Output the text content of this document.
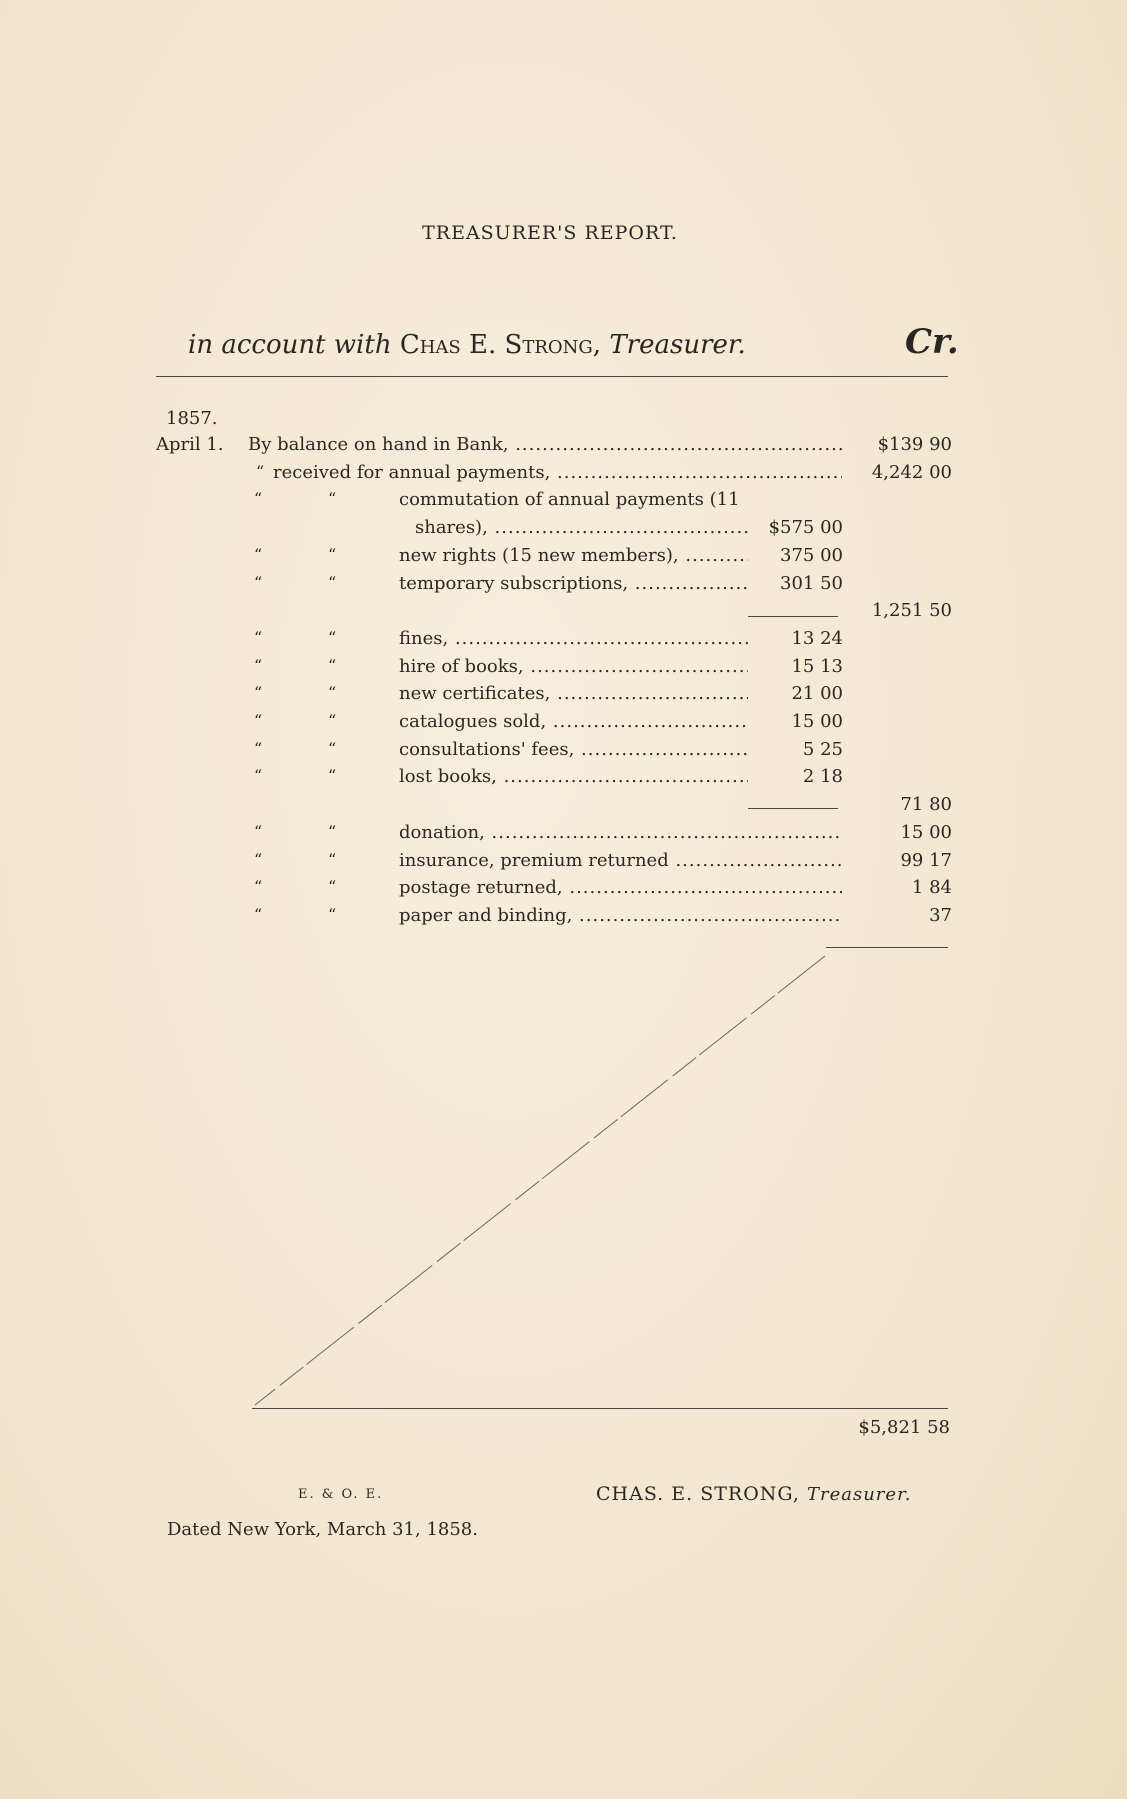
TREASURER'S REPORT.
in account with Chas E. Strong, Treasurer.	Cr.
1857.
April 1. By balance on hand in Bank, .....	$139 90
“ received for annual payments, .....	4,242 00
“	“	commutation of annual payments (11
shares), .....	$575 00
“	“	new rights (15 new members), .....	375 00
“	“	temporary subscriptions, .....	301 50
1,251 50
“	“	fines, .....	13 24
“	“	hire of books, .....	15 13
“	“	new certificates, .....	21 00
“	“	catalogues sold, .....	15 00
“	“	consultations' fees, .....	5 25
“	“	lost books, .....	2 18
71 80
“	“	donation, .....	15 00
“	“	insurance, premium returned .....	99 17
“	“	postage returned, .....	1 84
“	“	paper and binding, .....	37
$5,821 58
E. & O. E.	CHAS. E. STRONG, Treasurer.
Dated New York, March 31, 1858.
